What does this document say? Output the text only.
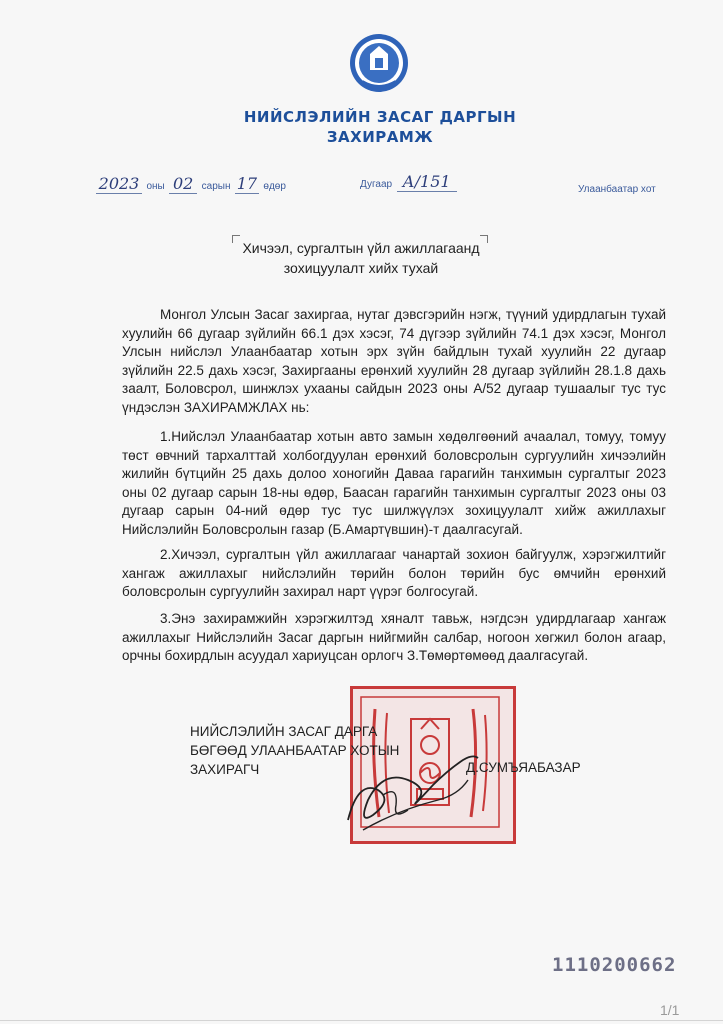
НИЙСЛЭЛИЙН ЗАСАГ ДАРГЫН
ЗАХИРАМЖ
2023 оны 02 сарын 17 өдөр	Дугаар А/151	Улаанбаатар хот
Хичээл, сургалтын үйл ажиллагаанд
зохицуулалт хийх тухай
Монгол Улсын Засаг захиргаа, нутаг дэвсгэрийн нэгж, түүний удирдлагын тухай хуулийн 66 дугаар зүйлийн 66.1 дэх хэсэг, 74 дүгээр зүйлийн 74.1 дэх хэсэг, Монгол Улсын нийслэл Улаанбаатар хотын эрх зүйн байдлын тухай хуулийн 22 дугаар зүйлийн 22.5 дахь хэсэг, Захиргааны ерөнхий хуулийн 28 дугаар зүйлийн 28.1.8 дахь заалт, Боловсрол, шинжлэх ухааны сайдын 2023 оны А/52 дугаар тушаалыг тус тус үндэслэн ЗАХИРАМЖЛАХ нь:
1.Нийслэл Улаанбаатар хотын авто замын хөдөлгөөний ачаалал, томуу, томуу төст өвчний тархалттай холбогдуулан ерөнхий боловсролын сургуулийн хичээлийн жилийн бүтцийн 25 дахь долоо хоногийн Даваа гарагийн танхимын сургалтыг 2023 оны 02 дугаар сарын 18-ны өдөр, Баасан гарагийн танхимын сургалтыг 2023 оны 03 дугаар сарын 04-ний өдөр тус тус шилжүүлэх зохицуулалт хийж ажиллахыг Нийслэлийн Боловсролын газар (Б.Амартүвшин)-т даалгасугай.
2.Хичээл, сургалтын үйл ажиллагааг чанартай зохион байгуулж, хэрэгжилтийг хангаж ажиллахыг нийслэлийн төрийн болон төрийн бус өмчийн ерөнхий боловсролын сургуулийн захирал нарт үүрэг болгосугай.
3.Энэ захирамжийн хэрэгжилтэд хяналт тавьж, нэгдсэн удирдлагаар хангаж ажиллахыг Нийслэлийн Засаг даргын нийгмийн салбар, ногоон хөгжил болон агаар, орчны бохирдлын асуудал хариуцсан орлогч З.Төмөртөмөөд даалгасугай.
НИЙСЛЭЛИЙН ЗАСАГ ДАРГА
БӨГӨӨД УЛААНБААТАР ХОТЫН
ЗАХИРАГЧ	Д.СУМЪЯАБАЗАР
1110200662
1/1
